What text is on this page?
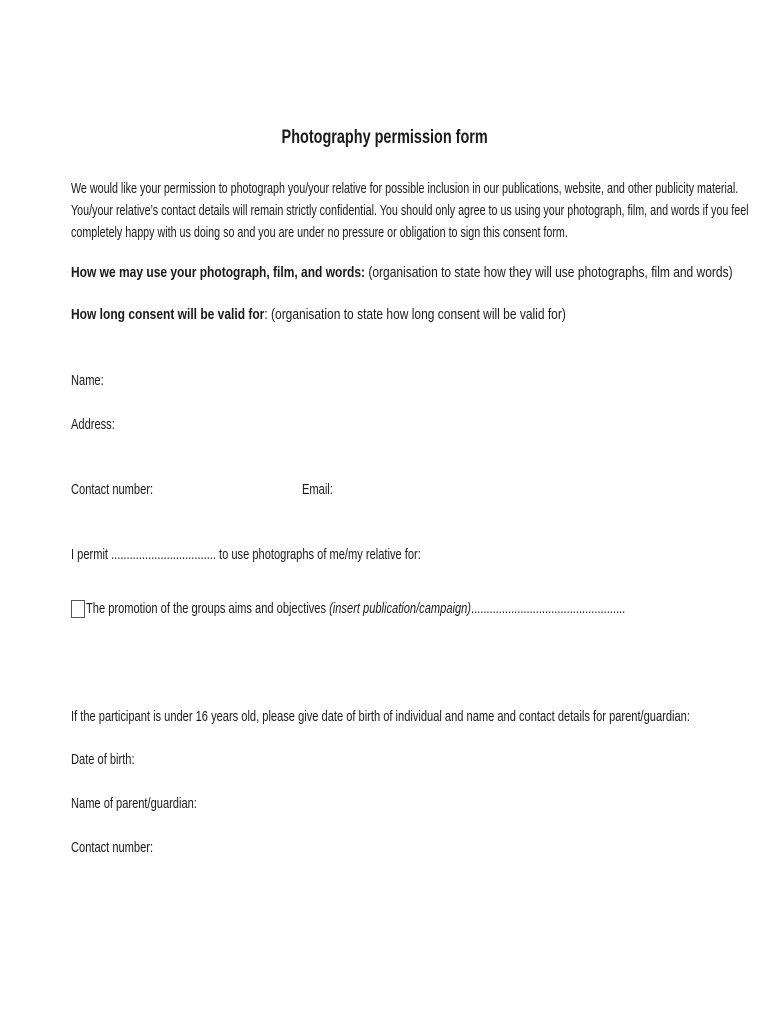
Photography permission form
We would like your permission to photograph you/your relative for possible inclusion in our publications, website, and other publicity material.
You/your relative’s contact details will remain strictly confidential. You should only agree to us using your photograph, film, and words if you feel
completely happy with us doing so and you are under no pressure or obligation to sign this consent form.
How we may use your photograph, film, and words: (organisation to state how they will use photographs, film and words)
How long consent will be valid for: (organisation to state how long consent will be valid for)
Name:
Address:
Contact number:	Email:
I permit .................................. to use photographs of me/my relative for:
The promotion of the groups aims and objectives (insert publication/campaign)..................................................
If the participant is under 16 years old, please give date of birth of individual and name and contact details for parent/guardian:
Date of birth:
Name of parent/guardian:
Contact number:
